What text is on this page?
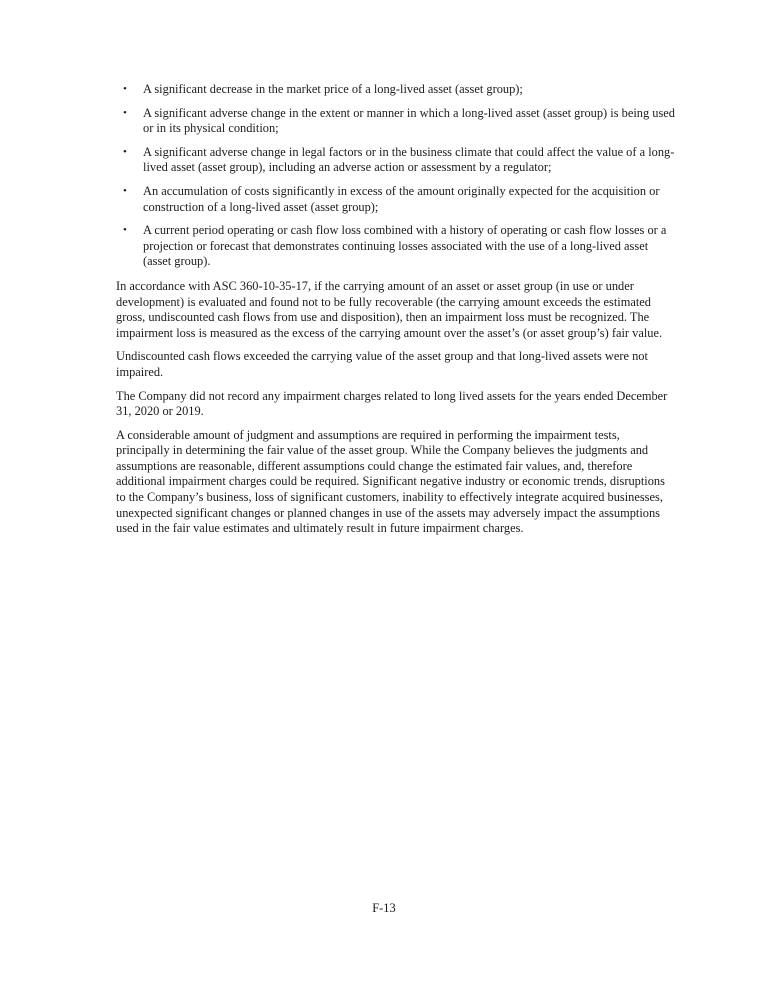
•	A significant decrease in the market price of a long-lived asset (asset group);
•	A significant adverse change in the extent or manner in which a long-lived asset (asset group) is being used or in its physical condition;
•	A significant adverse change in legal factors or in the business climate that could affect the value of a long-lived asset (asset group), including an adverse action or assessment by a regulator;
•	An accumulation of costs significantly in excess of the amount originally expected for the acquisition or construction of a long-lived asset (asset group);
•	A current period operating or cash flow loss combined with a history of operating or cash flow losses or a projection or forecast that demonstrates continuing losses associated with the use of a long-lived asset (asset group).

In accordance with ASC 360-10-35-17, if the carrying amount of an asset or asset group (in use or under development) is evaluated and found not to be fully recoverable (the carrying amount exceeds the estimated gross, undiscounted cash flows from use and disposition), then an impairment loss must be recognized. The impairment loss is measured as the excess of the carrying amount over the asset’s (or asset group’s) fair value.

Undiscounted cash flows exceeded the carrying value of the asset group and that long-lived assets were not impaired.

The Company did not record any impairment charges related to long lived assets for the years ended December 31, 2020 or 2019.

A considerable amount of judgment and assumptions are required in performing the impairment tests, principally in determining the fair value of the asset group. While the Company believes the judgments and assumptions are reasonable, different assumptions could change the estimated fair values, and, therefore additional impairment charges could be required. Significant negative industry or economic trends, disruptions to the Company’s business, loss of significant customers, inability to effectively integrate acquired businesses, unexpected significant changes or planned changes in use of the assets may adversely impact the assumptions used in the fair value estimates and ultimately result in future impairment charges.

F-13
